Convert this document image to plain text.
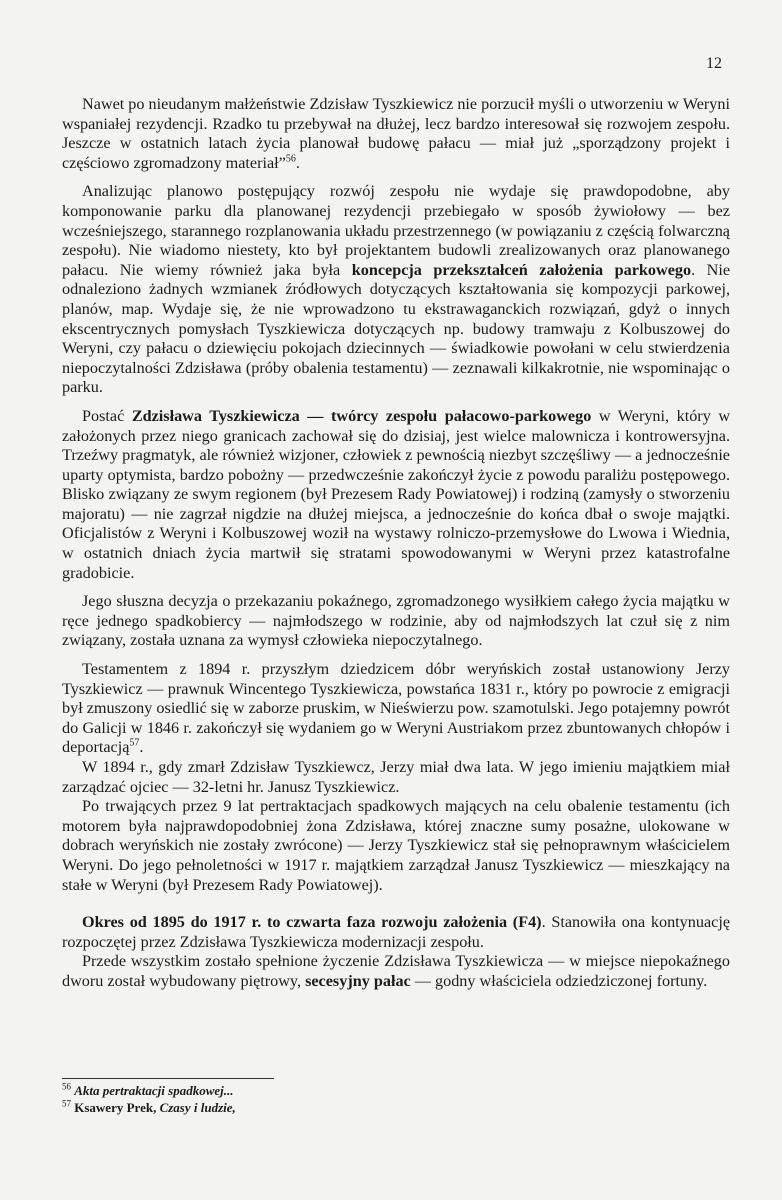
12

Nawet po nieudanym małżeństwie Zdzisław Tyszkiewicz nie porzucił myśli o utworzeniu w Weryni wspaniałej rezydencji. Rzadko tu przebywał na dłużej, lecz bardzo interesował się rozwojem zespołu. Jeszcze w ostatnich latach życia planował budowę pałacu — miał już „sporządzony projekt i częściowo zgromadzony materiał”$^{56}$.

Analizując planowo postępujący rozwój zespołu nie wydaje się prawdopodobne, aby komponowanie parku dla planowanej rezydencji przebiegało w sposób żywiołowy — bez wcześniejszego, starannego rozplanowania układu przestrzennego (w powiązaniu z częścią folwarczną zespołu). Nie wiadomo niestety, kto był projektantem budowli zrealizowanych oraz planowanego pałacu. Nie wiemy również jaka była koncepcja przekształceń założenia parkowego. Nie odnaleziono żadnych wzmianek źródłowych dotyczących kształtowania się kompozycji parkowej, planów, map. Wydaje się, że nie wprowadzono tu ekstrawaganckich rozwiązań, gdyż o innych ekscentrycznych pomysłach Tyszkiewicza dotyczących np. budowy tramwaju z Kolbuszowej do Weryni, czy pałacu o dziewięciu pokojach dziecinnych — świadkowie powołani w celu stwierdzenia niepoczytalności Zdzisława (próby obalenia testamentu) — zeznawali kilkakrotnie, nie wspominając o parku.

Postać Zdzisława Tyszkiewicza — twórcy zespołu pałacowo-parkowego w Weryni, który w założonych przez niego granicach zachował się do dzisiaj, jest wielce malownicza i kontrowersyjna. Trzeźwy pragmatyk, ale również wizjoner, człowiek z pewnością niezbyt szczęśliwy — a jednocześnie uparty optymista, bardzo pobożny — przedwcześnie zakończył życie z powodu paraliżu postępowego. Blisko związany ze swym regionem (był Prezesem Rady Powiatowej) i rodziną (zamysły o stworzeniu majoratu) — nie zagrzał nigdzie na dłużej miejsca, a jednocześnie do końca dbał o swoje majątki. Oficjalistów z Weryni i Kolbuszowej woził na wystawy rolniczo-przemysłowe do Lwowa i Wiednia, w ostatnich dniach życia martwił się stratami spowodowanymi w Weryni przez katastrofalne gradobicie.

Jego słuszna decyzja o przekazaniu pokaźnego, zgromadzonego wysiłkiem całego życia majątku w ręce jednego spadkobiercy — najmłodszego w rodzinie, aby od najmłodszych lat czuł się z nim związany, została uznana za wymysł człowieka niepoczytalnego.

Testamentem z 1894 r. przyszłym dziedzicem dóbr weryńskich został ustanowiony Jerzy Tyszkiewicz — prawnuk Wincentego Tyszkiewicza, powstańca 1831 r., który po powrocie z emigracji był zmuszony osiedlić się w zaborze pruskim, w Nieświerzu pow. szamotulski. Jego potajemny powrót do Galicji w 1846 r. zakończył się wydaniem go w Weryni Austriakom przez zbuntowanych chłopów i deportacją$^{57}$.

W 1894 r., gdy zmarł Zdzisław Tyszkiewcz, Jerzy miał dwa lata. W jego imieniu majątkiem miał zarządzać ojciec — 32-letni hr. Janusz Tyszkiewicz.

Po trwających przez 9 lat pertraktacjach spadkowych mających na celu obalenie testamentu (ich motorem była najprawdopodobniej żona Zdzisława, której znaczne sumy posażne, ulokowane w dobrach weryńskich nie zostały zwrócone) — Jerzy Tyszkiewicz stał się pełnoprawnym właścicielem Weryni. Do jego pełnoletności w 1917 r. majątkiem zarządzał Janusz Tyszkiewicz — mieszkający na stałe w Weryni (był Prezesem Rady Powiatowej).

Okres od 1895 do 1917 r. to czwarta faza rozwoju założenia (F4). Stanowiła ona kontynuację rozpoczętej przez Zdzisława Tyszkiewicza modernizacji zespołu.

Przede wszystkim zostało spełnione życzenie Zdzisława Tyszkiewicza — w miejsce niepokaźnego dworu został wybudowany piętrowy, secesyjny pałac — godny właściciela odziedziczonej fortuny.

$^{56}$ Akta pertraktacji spadkowej...
$^{57}$ Ksawery Prek, Czasy i ludzie,
